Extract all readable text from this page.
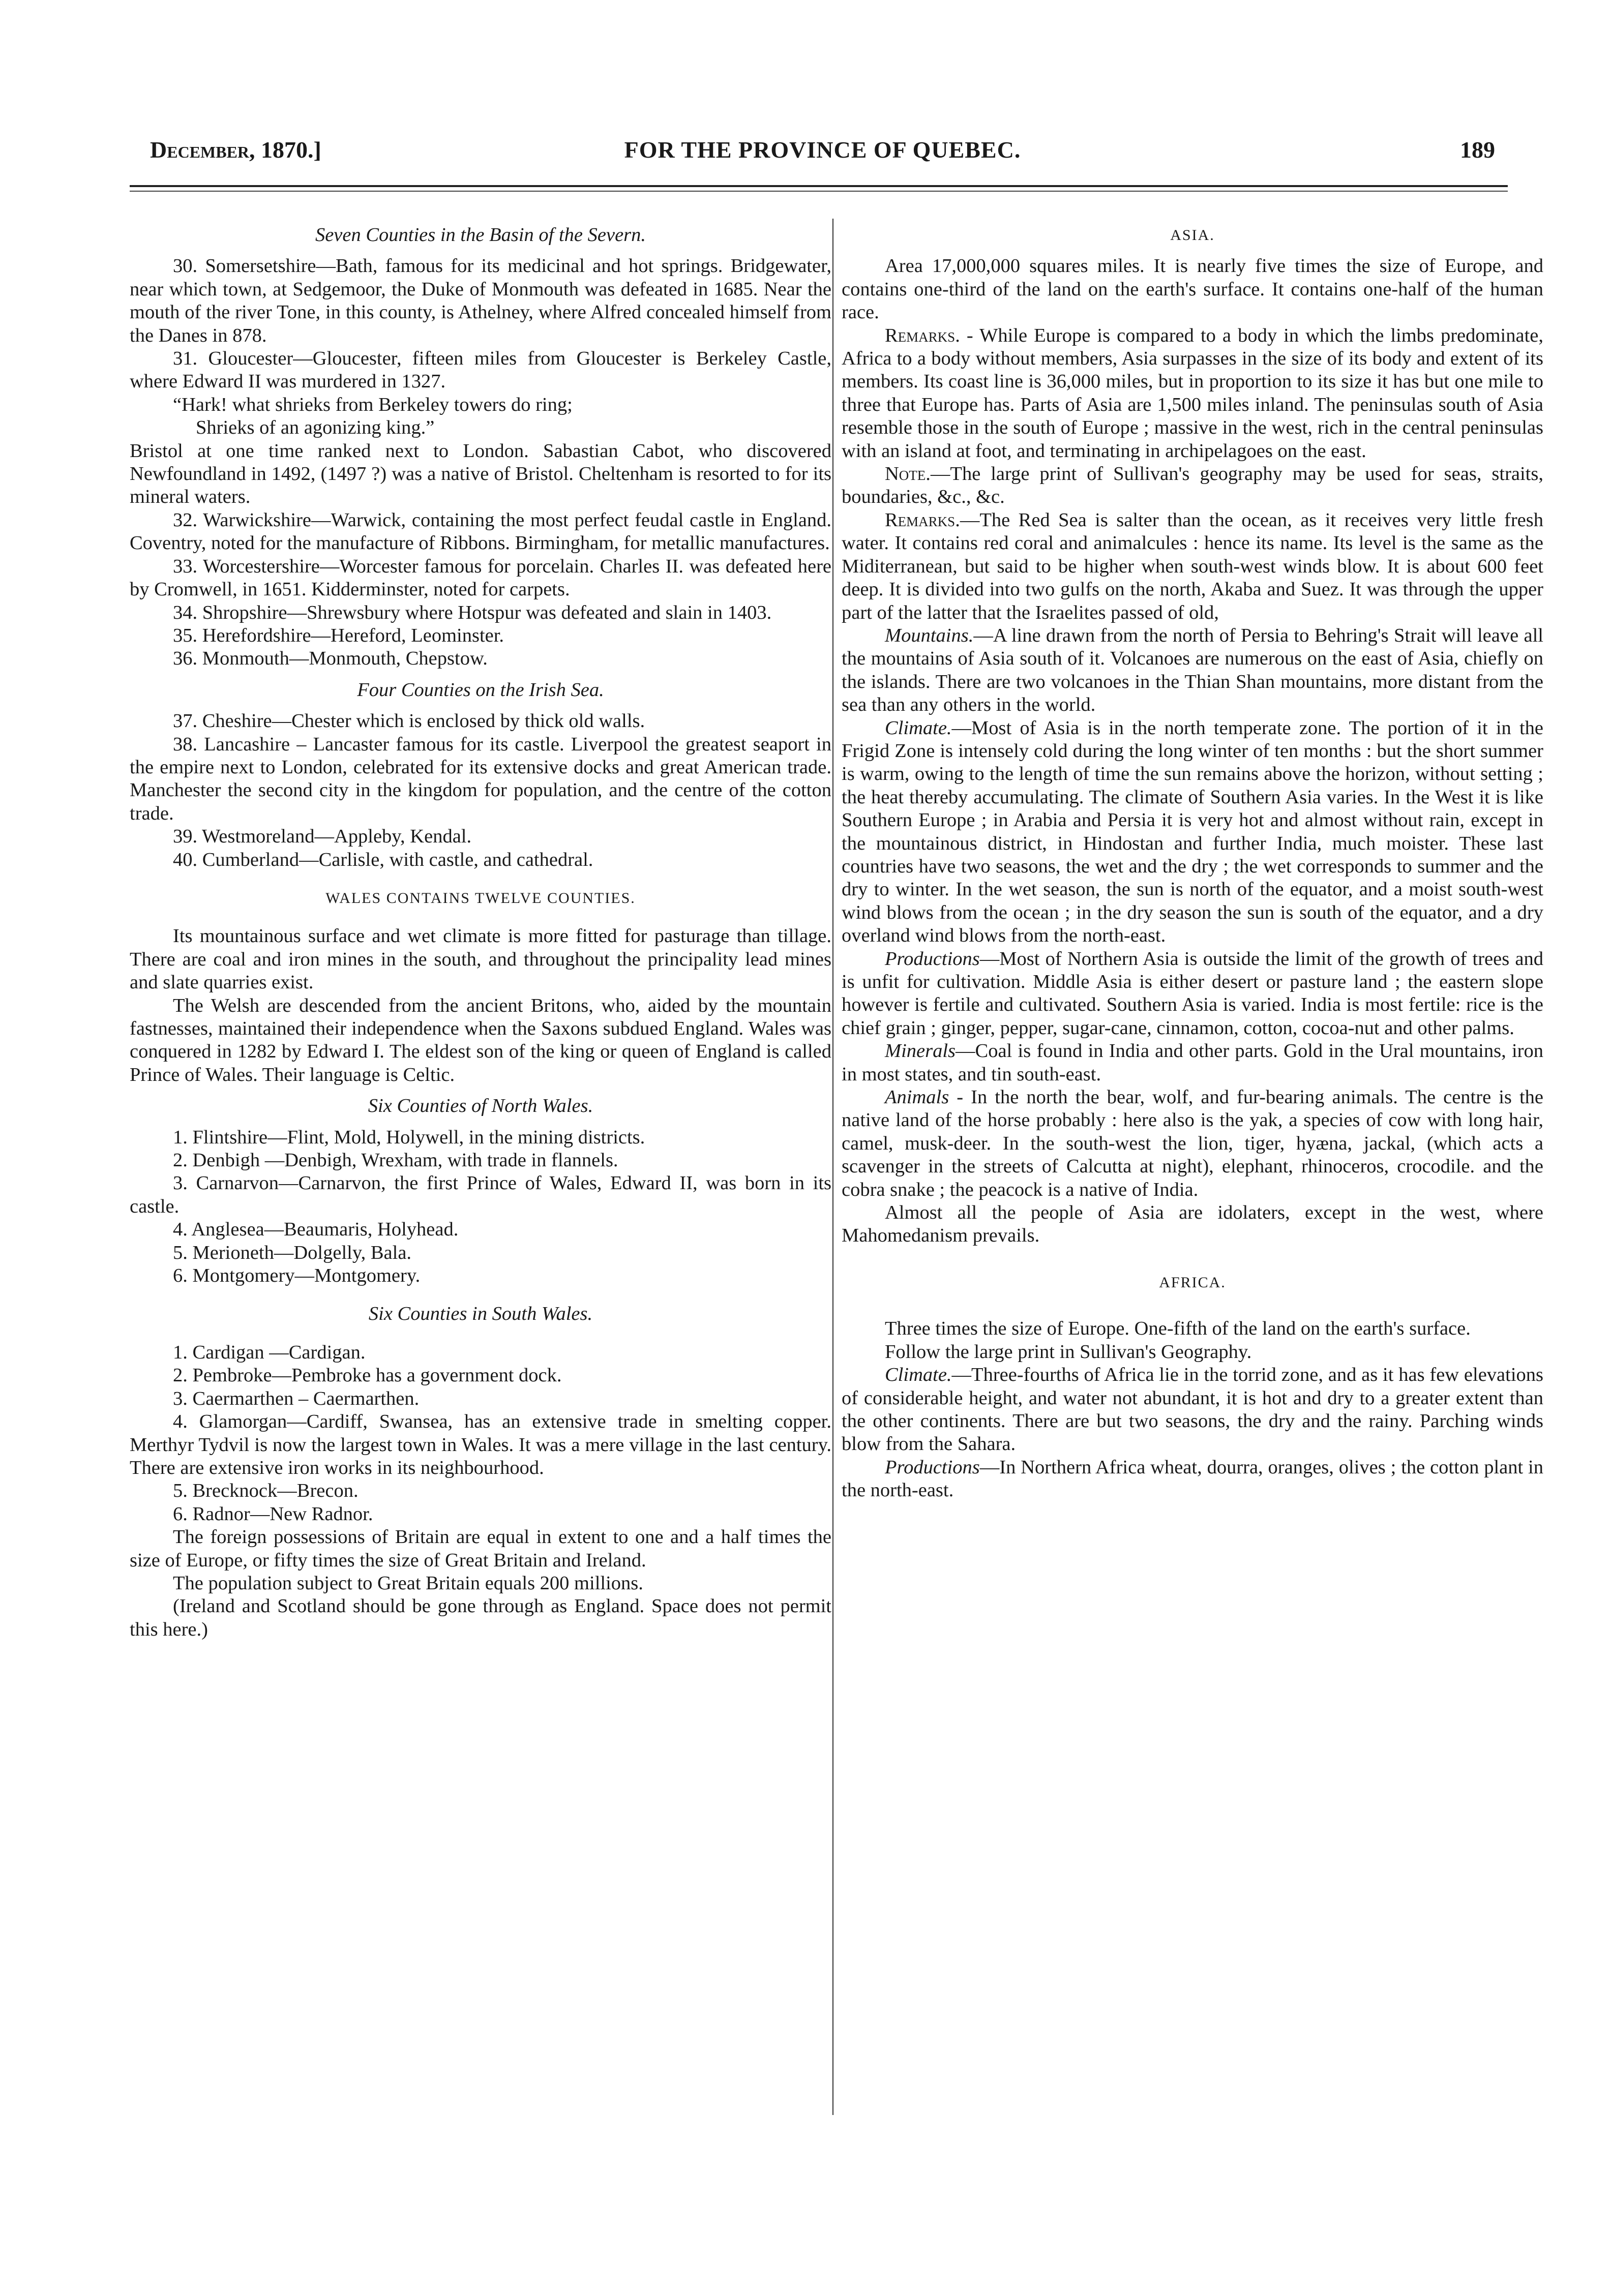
December, 1870.]	FOR THE PROVINCE OF QUEBEC.	189

Seven Counties in the Basin of the Severn.

30. Somersetshire—Bath, famous for its medicinal and hot springs. Bridgewater, near which town, at Sedgemoor, the Duke of Monmouth was defeated in 1685. Near the mouth of the river Tone, in this county, is Athelney, where Alfred concealed himself from the Danes in 878.

31. Gloucester—Gloucester, fifteen miles from Gloucester is Berkeley Castle, where Edward II was murdered in 1327.

“Hark! what shrieks from Berkeley towers do ring;

Shrieks of an agonizing king.”

Bristol at one time ranked next to London. Sabastian Cabot, who discovered Newfoundland in 1492, (1497 ?) was a native of Bristol. Cheltenham is resorted to for its mineral waters.

32. Warwickshire—Warwick, containing the most perfect feudal castle in England. Coventry, noted for the manufacture of Ribbons. Birmingham, for metallic manufactures.

33. Worcestershire—Worcester famous for porcelain. Charles II. was defeated here by Cromwell, in 1651. Kidderminster, noted for carpets.

34. Shropshire—Shrewsbury where Hotspur was defeated and slain in 1403.

35. Herefordshire—Hereford, Leominster.

36. Monmouth—Monmouth, Chepstow.

Four Counties on the Irish Sea.

37. Cheshire—Chester which is enclosed by thick old walls.

38. Lancashire – Lancaster famous for its castle. Liverpool the greatest seaport in the empire next to London, celebrated for its extensive docks and great American trade. Manchester the second city in the kingdom for population, and the centre of the cotton trade.

39. Westmoreland—Appleby, Kendal.

40. Cumberland—Carlisle, with castle, and cathedral.

WALES CONTAINS TWELVE COUNTIES.

Its mountainous surface and wet climate is more fitted for pasturage than tillage. There are coal and iron mines in the south, and throughout the principality lead mines and slate quarries exist.

The Welsh are descended from the ancient Britons, who, aided by the mountain fastnesses, maintained their independence when the Saxons subdued England. Wales was conquered in 1282 by Edward I. The eldest son of the king or queen of England is called Prince of Wales. Their language is Celtic.

Six Counties of North Wales.

1. Flintshire—Flint, Mold, Holywell, in the mining districts.

2. Denbigh —Denbigh, Wrexham, with trade in flannels.

3. Carnarvon—Carnarvon, the first Prince of Wales, Edward II, was born in its castle.

4. Anglesea—Beaumaris, Holyhead.

5. Merioneth—Dolgelly, Bala.

6. Montgomery—Montgomery.

Six Counties in South Wales.

1. Cardigan —Cardigan.

2. Pembroke—Pembroke has a government dock.

3. Caermarthen – Caermarthen.

4. Glamorgan—Cardiff, Swansea, has an extensive trade in smelting copper. Merthyr Tydvil is now the largest town in Wales. It was a mere village in the last century. There are extensive iron works in its neighbourhood.

5. Brecknock—Brecon.

6. Radnor—New Radnor.

The foreign possessions of Britain are equal in extent to one and a half times the size of Europe, or fifty times the size of Great Britain and Ireland.

The population subject to Great Britain equals 200 millions.

(Ireland and Scotland should be gone through as England. Space does not permit this here.)

ASIA.

Area 17,000,000 squares miles. It is nearly five times the size of Europe, and contains one-third of the land on the earth's surface. It contains one-half of the human race.

Remarks. - While Europe is compared to a body in which the limbs predominate, Africa to a body without members, Asia surpasses in the size of its body and extent of its members. Its coast line is 36,000 miles, but in proportion to its size it has but one mile to three that Europe has. Parts of Asia are 1,500 miles inland. The peninsulas south of Asia resemble those in the south of Europe ; massive in the west, rich in the central peninsulas with an island at foot, and terminating in archipelagoes on the east.

Note.—The large print of Sullivan's geography may be used for seas, straits, boundaries, &c., &c.

Remarks.—The Red Sea is salter than the ocean, as it receives very little fresh water. It contains red coral and animalcules : hence its name. Its level is the same as the Miditerranean, but said to be higher when south-west winds blow. It is about 600 feet deep. It is divided into two gulfs on the north, Akaba and Suez. It was through the upper part of the latter that the Israelites passed of old,

Mountains.—A line drawn from the north of Persia to Behring's Strait will leave all the mountains of Asia south of it. Volcanoes are numerous on the east of Asia, chiefly on the islands. There are two volcanoes in the Thian Shan mountains, more distant from the sea than any others in the world.

Climate.—Most of Asia is in the north temperate zone. The portion of it in the Frigid Zone is intensely cold during the long winter of ten months : but the short summer is warm, owing to the length of time the sun remains above the horizon, without setting ; the heat thereby accumulating. The climate of Southern Asia varies. In the West it is like Southern Europe ; in Arabia and Persia it is very hot and almost without rain, except in the mountainous district, in Hindostan and further India, much moister. These last countries have two seasons, the wet and the dry ; the wet corresponds to summer and the dry to winter. In the wet season, the sun is north of the equator, and a moist south-west wind blows from the ocean ; in the dry season the sun is south of the equator, and a dry overland wind blows from the north-east.

Productions—Most of Northern Asia is outside the limit of the growth of trees and is unfit for cultivation. Middle Asia is either desert or pasture land ; the eastern slope however is fertile and cultivated. Southern Asia is varied. India is most fertile: rice is the chief grain ; ginger, pepper, sugar-cane, cinnamon, cotton, cocoa-nut and other palms.

Minerals—Coal is found in India and other parts. Gold in the Ural mountains, iron in most states, and tin south-east.

Animals - In the north the bear, wolf, and fur-bearing animals. The centre is the native land of the horse probably : here also is the yak, a species of cow with long hair, camel, musk-deer. In the south-west the lion, tiger, hyæna, jackal, (which acts a scavenger in the streets of Calcutta at night), elephant, rhinoceros, crocodile. and the cobra snake ; the peacock is a native of India.

Almost all the people of Asia are idolaters, except in the west, where Mahomedanism prevails.

AFRICA.

Three times the size of Europe. One-fifth of the land on the earth's surface.

Follow the large print in Sullivan's Geography.

Climate.—Three-fourths of Africa lie in the torrid zone, and as it has few elevations of considerable height, and water not abundant, it is hot and dry to a greater extent than the other continents. There are but two seasons, the dry and the rainy. Parching winds blow from the Sahara.

Productions—In Northern Africa wheat, dourra, oranges, olives ; the cotton plant in the north-east.
